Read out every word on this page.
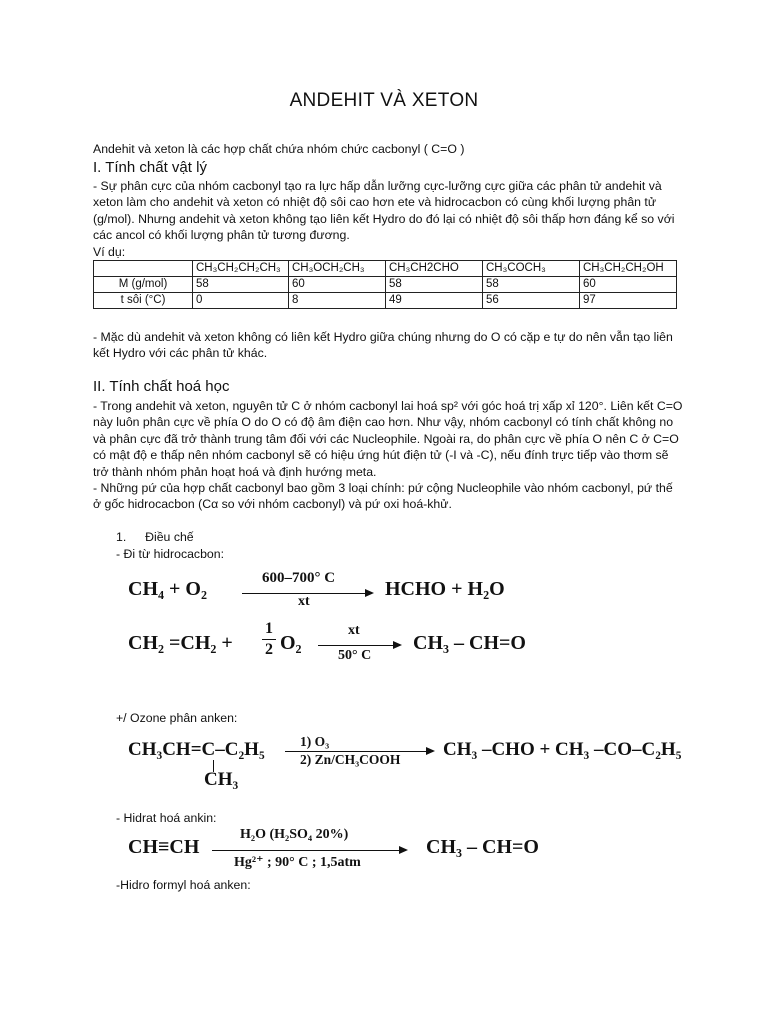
ANDEHIT VÀ XETON

Andehit và xeton là các hợp chất chứa nhóm chức cacbonyl ( C=O )

I. Tính chất vật lý

- Sự phân cực của nhóm cacbonyl tạo ra lực hấp dẫn lưỡng cực-lưỡng cực giữa các phân tử andehit và xeton làm cho andehit và xeton có nhiệt độ sôi cao hơn ete và hidrocacbon có cùng khối lượng phân tử (g/mol). Nhưng andehit và xeton không tạo liên kết Hydro do đó lại có nhiệt độ sôi thấp hơn đáng kể so với các ancol có khối lượng phân tử tương đương.

Ví dụ:

	CH₃CH₂CH₂CH₃	CH₃OCH₂CH₃	CH₃CH2CHO	CH₃COCH₃	CH₃CH₂CH₂OH
M (g/mol)	58	60	58	58	60
t sôi (°C)	0	8	49	56	97

- Mặc dù andehit và xeton không có liên kết Hydro giữa chúng nhưng do O có cặp e tự do nên vẫn tạo liên kết Hydro với các phân tử khác.

II. Tính chất hoá học

- Trong andehit và xeton, nguyên tử C ở nhóm cacbonyl lai hoá sp² với góc hoá trị xấp xỉ 120°. Liên kết C=O này luôn phân cực về phía O do O có độ âm điện cao hơn. Như vậy, nhóm cacbonyl có tính chất không no và phân cực đã trở thành trung tâm đối với các Nucleophile. Ngoài ra, do phân cực về phía O nên C ở C=O có mật độ e thấp nên nhóm cacbonyl sẽ có hiệu ứng hút điện tử (-I và -C), nếu đính trực tiếp vào thơm sẽ trở thành nhóm phản hoạt hoá và định hướng meta.

- Những pứ của hợp chất cacbonyl bao gồm 3 loại chính: pứ cộng Nucleophile vào nhóm cacbonyl, pứ thế ở gốc hidrocacbon (Cα so với nhóm cacbonyl) và pứ oxi hoá-khử.

1. Điều chế

- Đi từ hidrocacbon:

CH₄ + O₂	600–700° C
xt
HCHO + H₂O
CH₂ =CH₂ +
1
2 O₂
xt
50° C
CH₃ – CH=O

+/ Ozone phân anken:

CH₃CH=C–C₂H₅
CH₃
1) O₃
2) Zn/CH₃COOH CH₃ –CHO + CH₃ –CO–C₂H₅

- Hidrat hoá ankin:

CH≡CH
H₂O (H₂SO₄ 20%)
Hg²⁺ ; 90° C ; 1,5atm
CH₃ – CH=O

-Hidro formyl hoá anken:
